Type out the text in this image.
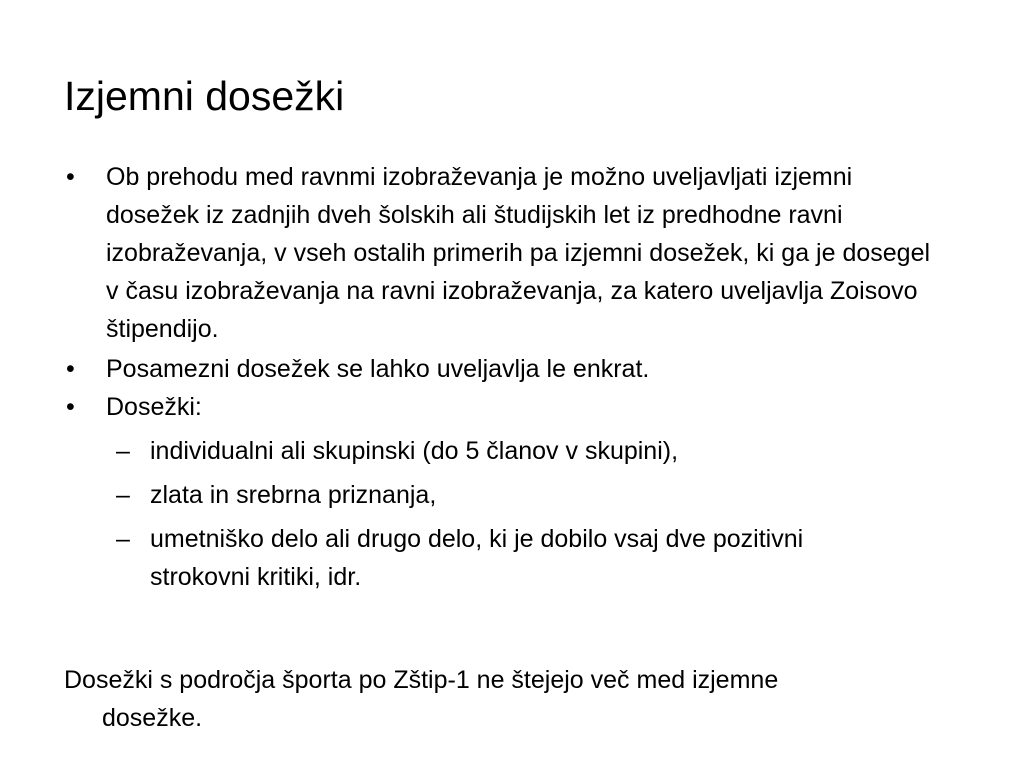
Izjemni dosežki
•	Ob prehodu med ravnmi izobraževanja je možno uveljavljati izjemni dosežek iz zadnjih dveh šolskih ali študijskih let iz predhodne ravni izobraževanja, v vseh ostalih primerih pa izjemni dosežek, ki ga je dosegel v času izobraževanja na ravni izobraževanja, za katero uveljavlja Zoisovo štipendijo.
•	Posamezni dosežek se lahko uveljavlja le enkrat.
•	Dosežki:
– individualni ali skupinski (do 5 članov v skupini),
– zlata in srebrna priznanja,
– umetniško delo ali drugo delo, ki je dobilo vsaj dve pozitivni strokovni kritiki, idr.
Dosežki s področja športa po Zštip-1 ne štejejo več med izjemne
dosežke.
